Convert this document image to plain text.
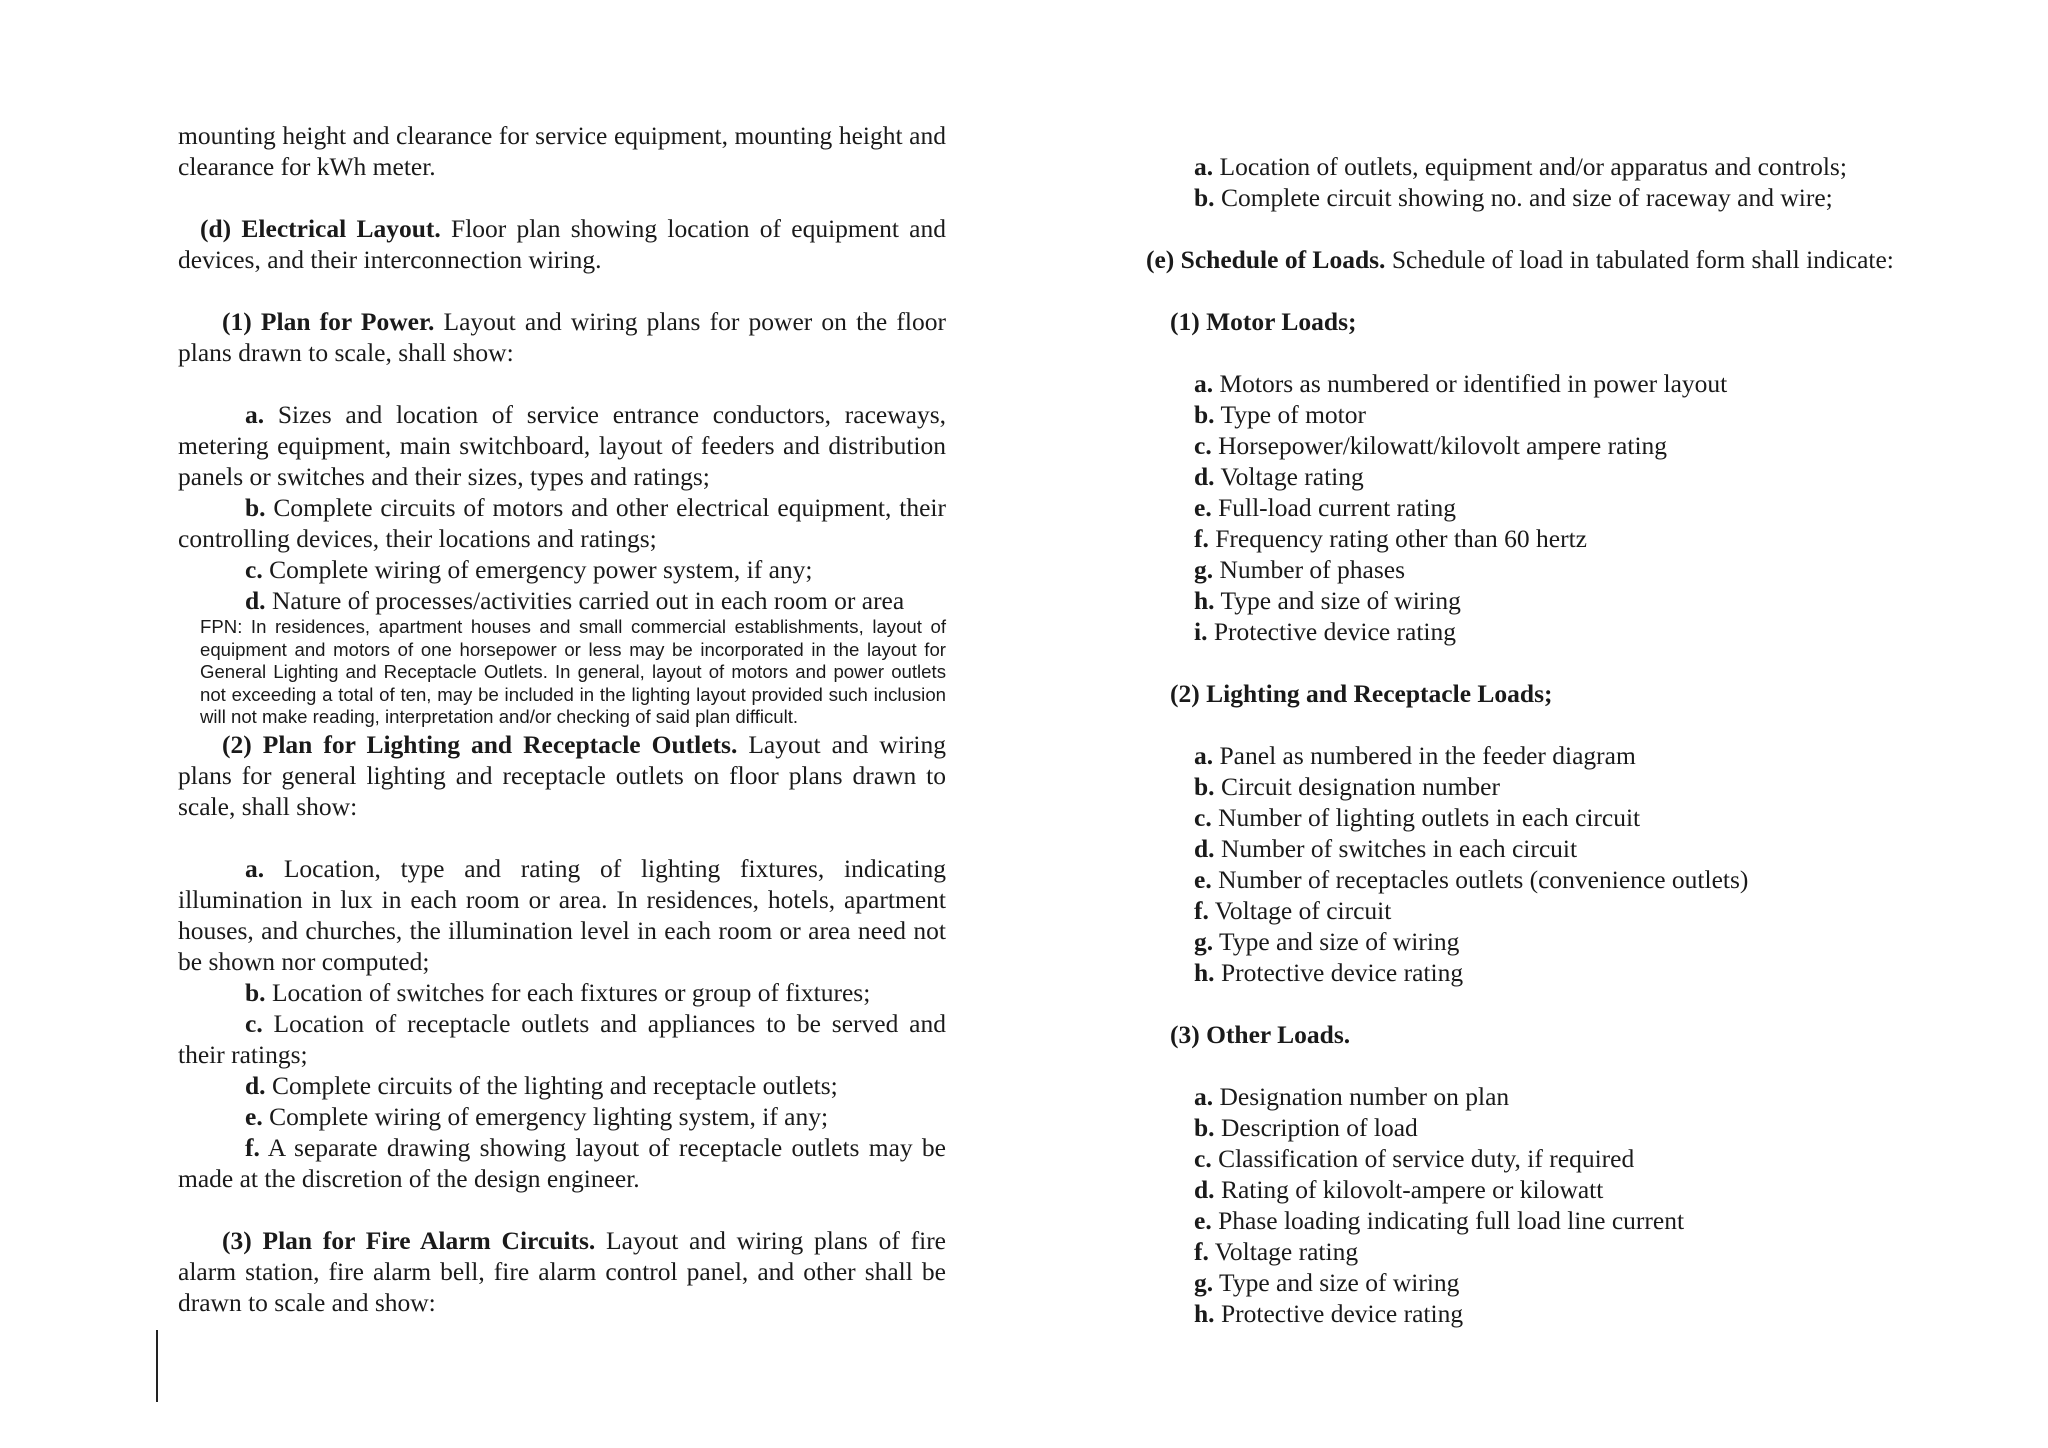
mounting height and clearance for service equipment, mounting height and clearance for kWh meter.

(d) Electrical Layout. Floor plan showing location of equipment and devices, and their interconnection wiring.

(1) Plan for Power. Layout and wiring plans for power on the floor plans drawn to scale, shall show:

a. Sizes and location of service entrance conductors, raceways, metering equipment, main switchboard, layout of feeders and distribution panels or switches and their sizes, types and ratings;

b. Complete circuits of motors and other electrical equipment, their controlling devices, their locations and ratings;

c. Complete wiring of emergency power system, if any;

d. Nature of processes/activities carried out in each room or area

FPN: In residences, apartment houses and small commercial establishments, layout of equipment and motors of one horsepower or less may be incorporated in the layout for General Lighting and Receptacle Outlets. In general, layout of motors and power outlets not exceeding a total of ten, may be included in the lighting layout provided such inclusion will not make reading, interpretation and/or checking of said plan difficult.

(2) Plan for Lighting and Receptacle Outlets. Layout and wiring plans for general lighting and receptacle outlets on floor plans drawn to scale, shall show:

a. Location, type and rating of lighting fixtures, indicating illumination in lux in each room or area. In residences, hotels, apartment houses, and churches, the illumination level in each room or area need not be shown nor computed;

b. Location of switches for each fixtures or group of fixtures;

c. Location of receptacle outlets and appliances to be served and their ratings;

d. Complete circuits of the lighting and receptacle outlets;

e. Complete wiring of emergency lighting system, if any;

f. A separate drawing showing layout of receptacle outlets may be made at the discretion of the design engineer.

(3) Plan for Fire Alarm Circuits. Layout and wiring plans of fire alarm station, fire alarm bell, fire alarm control panel, and other shall be drawn to scale and show:

a. Location of outlets, equipment and/or apparatus and controls;

b. Complete circuit showing no. and size of raceway and wire;

(e) Schedule of Loads. Schedule of load in tabulated form shall indicate:

(1) Motor Loads;

a. Motors as numbered or identified in power layout

b. Type of motor

c. Horsepower/kilowatt/kilovolt ampere rating

d. Voltage rating

e. Full-load current rating

f. Frequency rating other than 60 hertz

g. Number of phases

h. Type and size of wiring

i. Protective device rating

(2) Lighting and Receptacle Loads;

a. Panel as numbered in the feeder diagram

b. Circuit designation number

c. Number of lighting outlets in each circuit

d. Number of switches in each circuit

e. Number of receptacles outlets (convenience outlets)

f. Voltage of circuit

g. Type and size of wiring

h. Protective device rating

(3) Other Loads.

a. Designation number on plan

b. Description of load

c. Classification of service duty, if required

d. Rating of kilovolt-ampere or kilowatt

e. Phase loading indicating full load line current

f. Voltage rating

g. Type and size of wiring

h. Protective device rating
